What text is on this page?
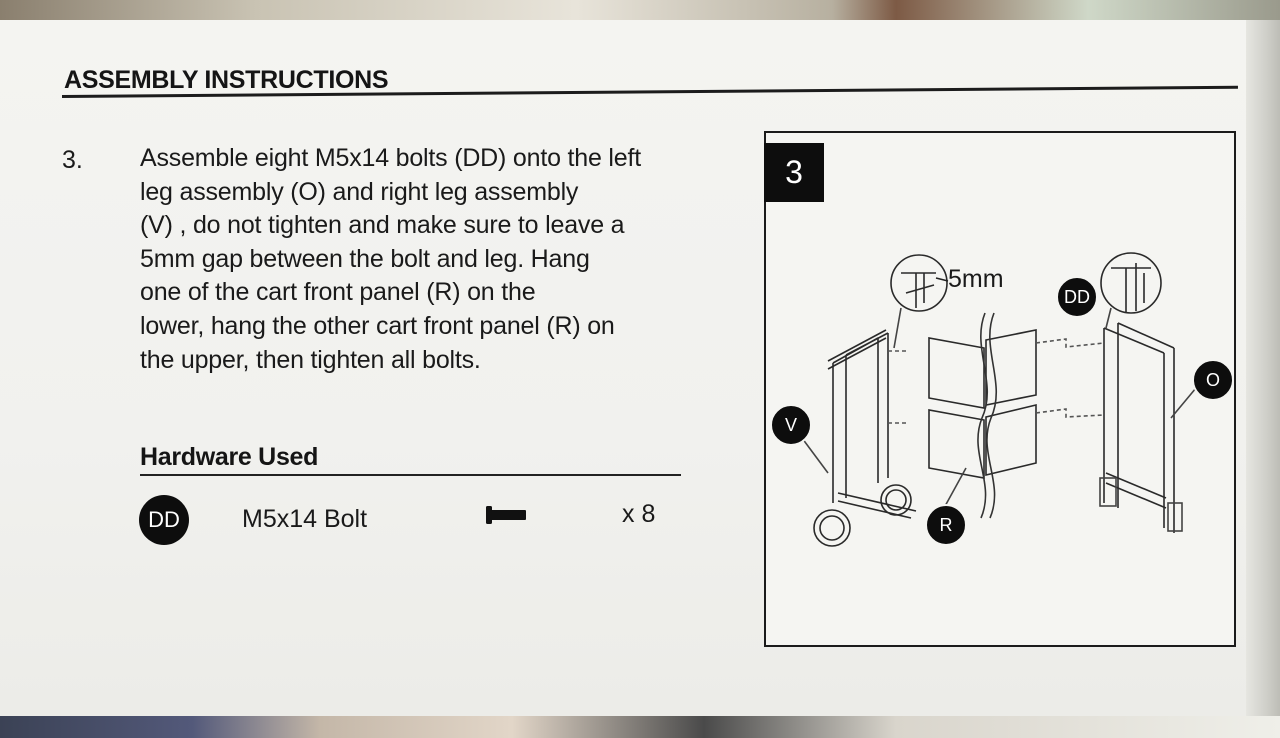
ASSEMBLY INSTRUCTIONS
3. Assemble eight M5x14 bolts (DD) onto the left
leg assembly (O) and right leg assembly
(V) , do not tighten and make sure to leave a
5mm gap between the bolt and leg. Hang
one of the cart front panel (R) on the
lower, hang the other cart front panel (R) on
the upper, then tighten all bolts.
Hardware Used
DD	M5x14 Bolt	x 8
3
5mm
DD
O
V
R
